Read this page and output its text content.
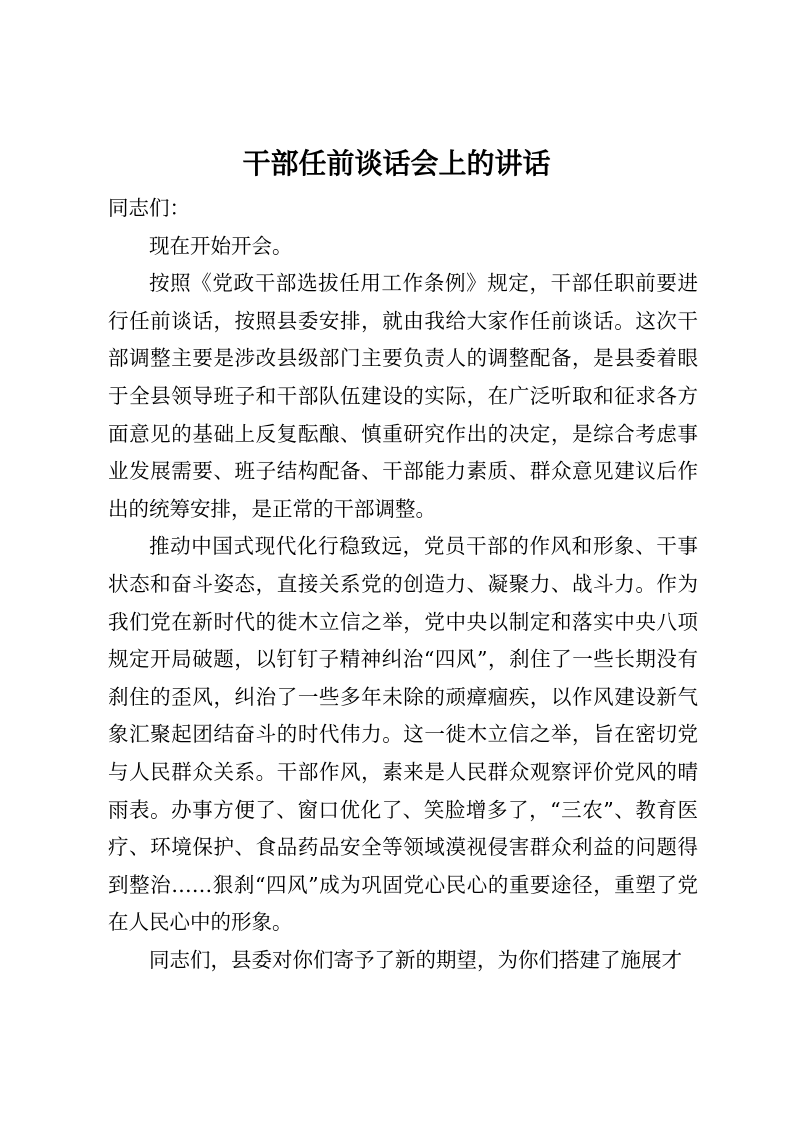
干部任前谈话会上的讲话

同志们：

现在开始开会。

按照《党政干部选拔任用工作条例》规定，干部任职前要进行任前谈话，按照县委安排，就由我给大家作任前谈话。这次干部调整主要是涉改县级部门主要负责人的调整配备，是县委着眼于全县领导班子和干部队伍建设的实际，在广泛听取和征求各方面意见的基础上反复酝酿、慎重研究作出的决定，是综合考虑事业发展需要、班子结构配备、干部能力素质、群众意见建议后作出的统筹安排，是正常的干部调整。

推动中国式现代化行稳致远，党员干部的作风和形象、干事状态和奋斗姿态，直接关系党的创造力、凝聚力、战斗力。作为我们党在新时代的徙木立信之举，党中央以制定和落实中央八项规定开局破题，以钉钉子精神纠治“四风”，刹住了一些长期没有刹住的歪风，纠治了一些多年未除的顽瘴痼疾，以作风建设新气象汇聚起团结奋斗的时代伟力。这一徙木立信之举，旨在密切党与人民群众关系。干部作风，素来是人民群众观察评价党风的晴雨表。办事方便了、窗口优化了、笑脸增多了，“三农”、教育医疗、环境保护、食品药品安全等领域漠视侵害群众利益的问题得到整治……狠刹“四风”成为巩固党心民心的重要途径，重塑了党在人民心中的形象。

同志们，县委对你们寄予了新的期望，为你们搭建了施展才
